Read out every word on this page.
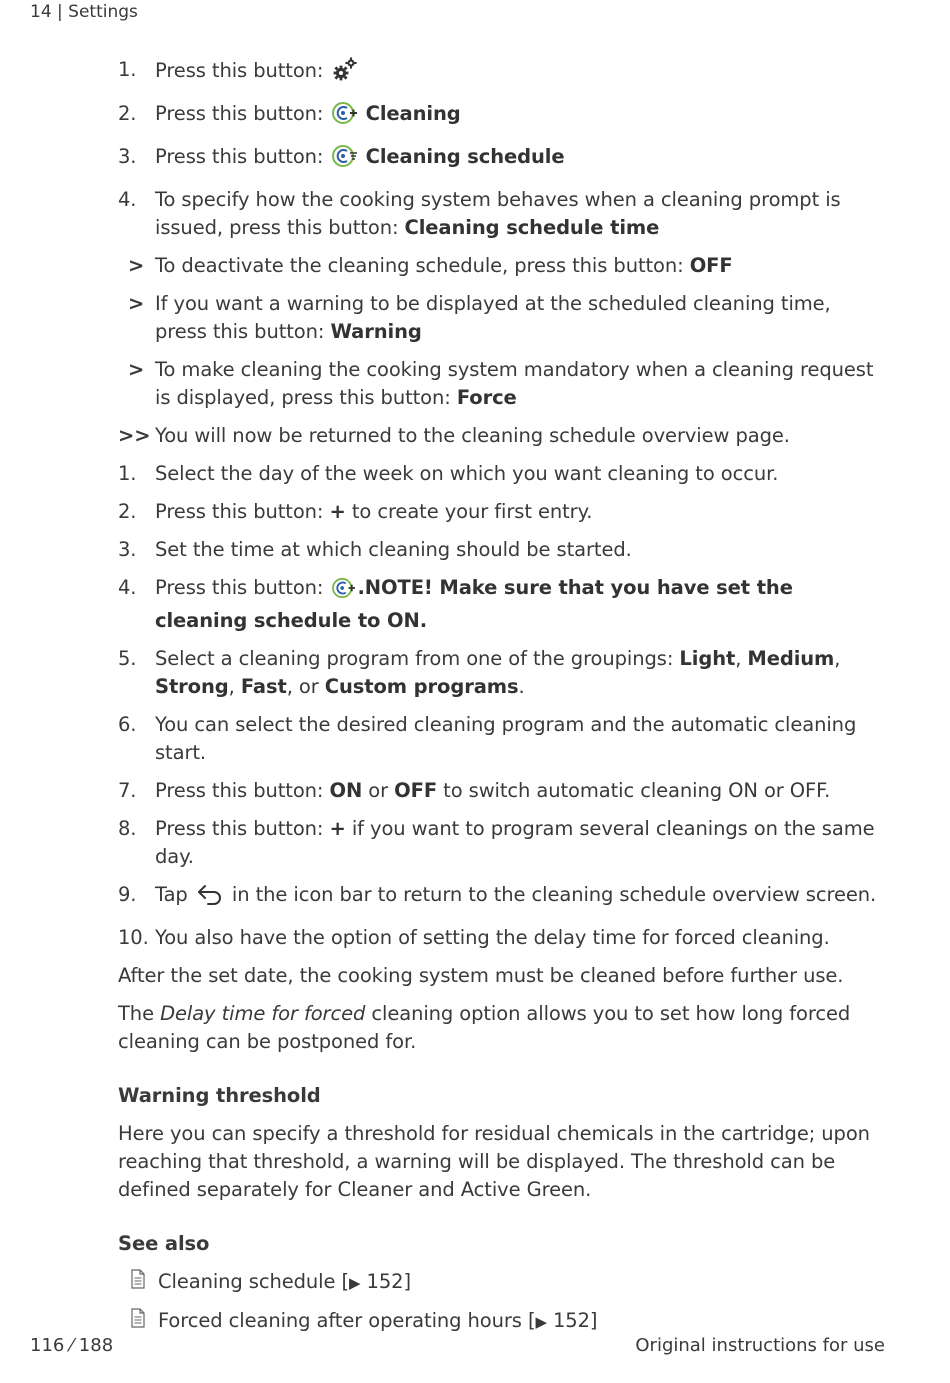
14 | Settings
1. Press this button:
2. Press this button:  Cleaning
3. Press this button:  Cleaning schedule
4. To specify how the cooking system behaves when a cleaning prompt is issued, press this button: Cleaning schedule time
> To deactivate the cleaning schedule, press this button: OFF
> If you want a warning to be displayed at the scheduled cleaning time, press this button: Warning
> To make cleaning the cooking system mandatory when a cleaning request is displayed, press this button: Force
>> You will now be returned to the cleaning schedule overview page.
1. Select the day of the week on which you want cleaning to occur.
2. Press this button: + to create your first entry.
3. Set the time at which cleaning should be started.
4. Press this button: .NOTE! Make sure that you have set the cleaning schedule to ON.
5. Select a cleaning program from one of the groupings: Light, Medium, Strong, Fast, or Custom programs.
6. You can select the desired cleaning program and the automatic cleaning start.
7. Press this button: ON or OFF to switch automatic cleaning ON or OFF.
8. Press this button: + if you want to program several cleanings on the same day.
9. Tap  in the icon bar to return to the cleaning schedule overview screen.
10. You also have the option of setting the delay time for forced cleaning.
After the set date, the cooking system must be cleaned before further use.
The Delay time for forced cleaning option allows you to set how long forced cleaning can be postponed for.
Warning threshold
Here you can specify a threshold for residual chemicals in the cartridge; upon reaching that threshold, a warning will be displayed. The threshold can be defined separately for Cleaner and Active Green.
See also
Cleaning schedule [▶ 152]
Forced cleaning after operating hours [▶ 152]
116 ⁄ 188	Original instructions for use
